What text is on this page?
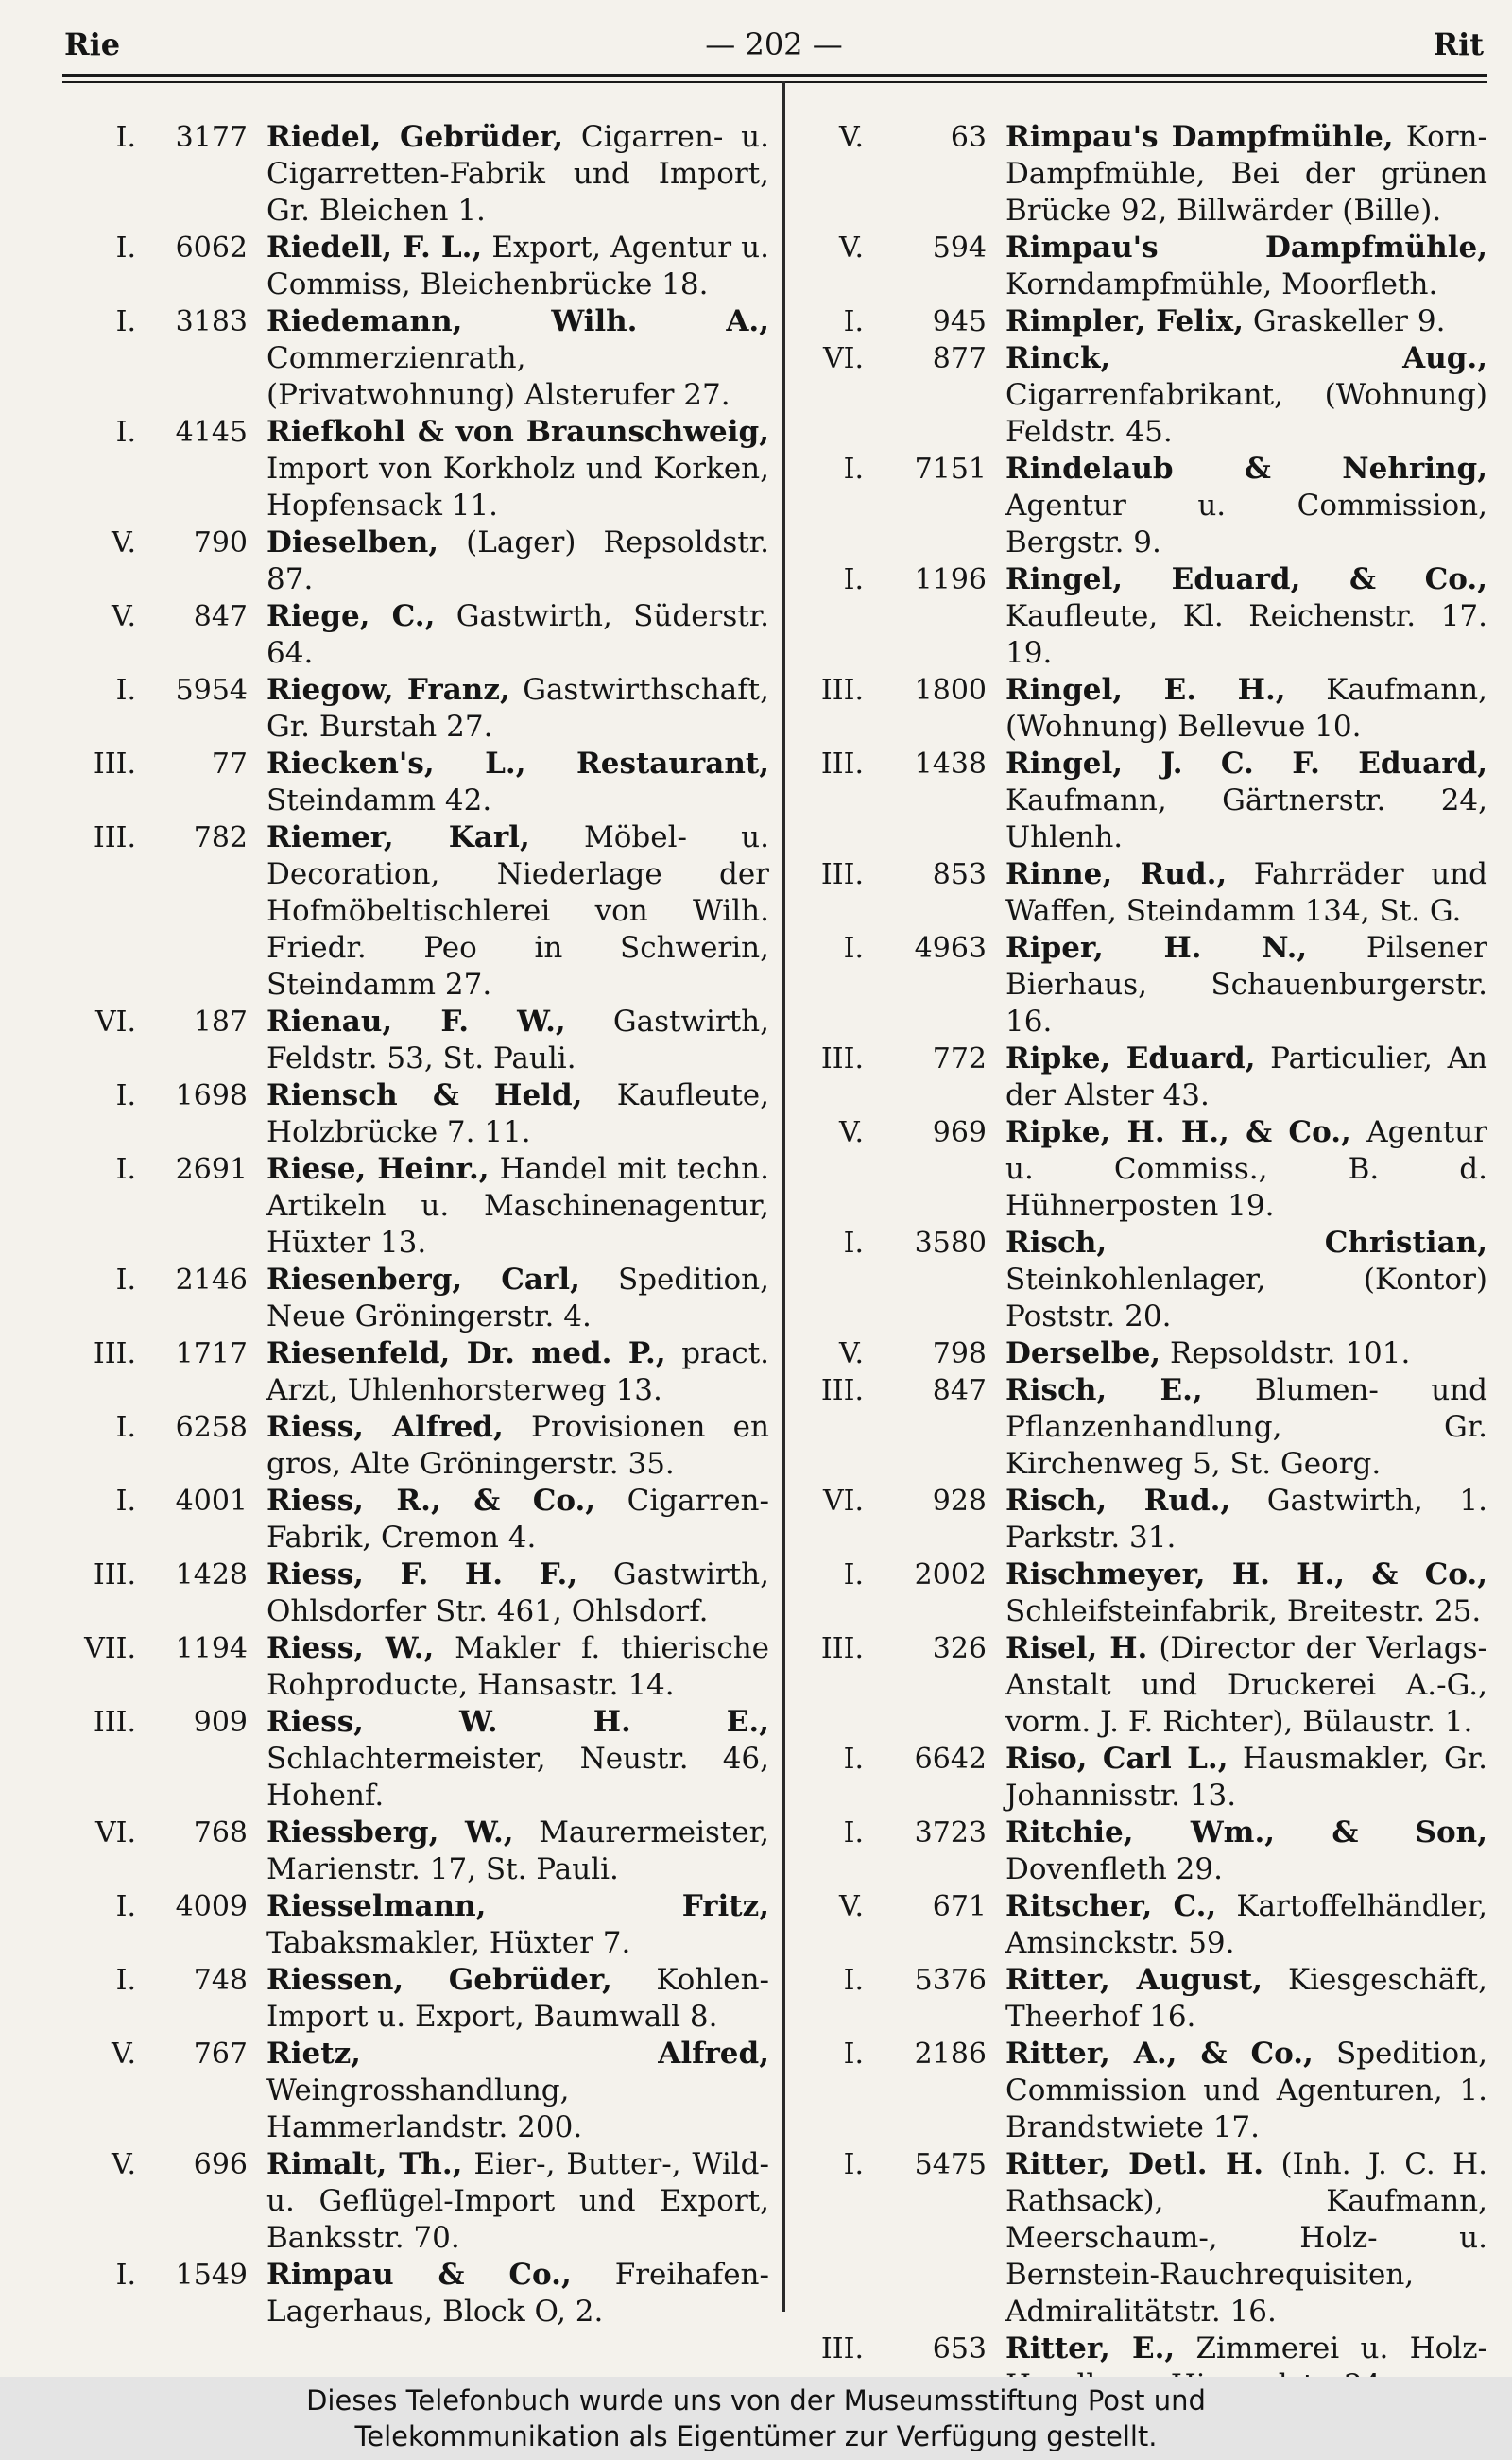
Rie	— 202 —	Rit
I.	3177 Riedel, Gebrüder, Cigarren- u. Cigarretten-Fabrik und Import, Gr. Bleichen 1.
I.	6062 Riedell, F. L., Export, Agentur u. Commiss, Bleichenbrücke 18.
I.	3183 Riedemann, Wilh. A., Commerzienrath, (Privatwohnung) Alsterufer 27.
I.	4145 Riefkohl & von Braunschweig, Import von Korkholz und Korken, Hopfensack 11.
V.	790 Dieselben, (Lager) Repsoldstr. 87.
V.	847 Riege, C., Gastwirth, Süderstr. 64.
I.	5954 Riegow, Franz, Gastwirthschaft, Gr. Burstah 27.
III.	77 Riecken's, L., Restaurant, Steindamm 42.
III.	782 Riemer, Karl, Möbel- u. Decoration, Niederlage der Hofmöbeltischlerei von Wilh. Friedr. Peo in Schwerin, Steindamm 27.
VI.	187 Rienau, F. W., Gastwirth, Feldstr. 53, St. Pauli.
I.	1698 Riensch & Held, Kaufleute, Holzbrücke 7. 11.
I.	2691 Riese, Heinr., Handel mit techn. Artikeln u. Maschinenagentur, Hüxter 13.
I.	2146 Riesenberg, Carl, Spedition, Neue Gröningerstr. 4.
III.	1717 Riesenfeld, Dr. med. P., pract. Arzt, Uhlenhorsterweg 13.
I.	6258 Riess, Alfred, Provisionen en gros, Alte Gröningerstr. 35.
I.	4001 Riess, R., & Co., Cigarren-Fabrik, Cremon 4.
III.	1428 Riess, F. H. F., Gastwirth, Ohlsdorfer Str. 461, Ohlsdorf.
VII.	1194 Riess, W., Makler f. thierische Rohproducte, Hansastr. 14.
III.	909 Riess, W. H. E., Schlachtermeister, Neustr. 46, Hohenf.
VI.	768 Riessberg, W., Maurermeister, Marienstr. 17, St. Pauli.
I.	4009 Riesselmann, Fritz, Tabaksmakler, Hüxter 7.
I.	748 Riessen, Gebrüder, Kohlen-Import u. Export, Baumwall 8.
V.	767 Rietz, Alfred, Weingrosshandlung, Hammerlandstr. 200.
V.	696 Rimalt, Th., Eier-, Butter-, Wild- u. Geflügel-Import und Export, Banksstr. 70.
I.	1549 Rimpau & Co., Freihafen-Lagerhaus, Block O, 2.
V.	63 Rimpau's Dampfmühle, Korn-Dampfmühle, Bei der grünen Brücke 92, Billwärder (Bille).
V.	594 Rimpau's Dampfmühle, Korndampfmühle, Moorfleth.
I.	945 Rimpler, Felix, Graskeller 9.
VI.	877 Rinck, Aug., Cigarrenfabrikant, (Wohnung) Feldstr. 45.
I.	7151 Rindelaub & Nehring, Agentur u. Commission, Bergstr. 9.
I.	1196 Ringel, Eduard, & Co., Kaufleute, Kl. Reichenstr. 17. 19.
III.	1800 Ringel, E. H., Kaufmann, (Wohnung) Bellevue 10.
III.	1438 Ringel, J. C. F. Eduard, Kaufmann, Gärtnerstr. 24, Uhlenh.
III.	853 Rinne, Rud., Fahrräder und Waffen, Steindamm 134, St. G.
I.	4963 Riper, H. N., Pilsener Bierhaus, Schauenburgerstr. 16.
III.	772 Ripke, Eduard, Particulier, An der Alster 43.
V.	969 Ripke, H. H., & Co., Agentur u. Commiss., B. d. Hühnerposten 19.
I.	3580 Risch, Christian, Steinkohlenlager, (Kontor) Poststr. 20.
V.	798 Derselbe, Repsoldstr. 101.
III.	847 Risch, E., Blumen- und Pflanzenhandlung, Gr. Kirchenweg 5, St. Georg.
VI.	928 Risch, Rud., Gastwirth, 1. Parkstr. 31.
I.	2002 Rischmeyer, H. H., & Co., Schleifsteinfabrik, Breitestr. 25.
III.	326 Risel, H. (Director der Verlags-Anstalt und Druckerei A.-G., vorm. J. F. Richter), Bülaustr. 1.
I.	6642 Riso, Carl L., Hausmakler, Gr. Johannisstr. 13.
I.	3723 Ritchie, Wm., & Son, Dovenfleth 29.
V.	671 Ritscher, C., Kartoffelhändler, Amsinckstr. 59.
I.	5376 Ritter, August, Kiesgeschäft, Theerhof 16.
I.	2186 Ritter, A., & Co., Spedition, Commission und Agenturen, 1. Brandstwiete 17.
I.	5475 Ritter, Detl. H. (Inh. J. C. H. Rathsack), Kaufmann, Meerschaum-, Holz- u. Bernstein-Rauchrequisiten, Admiralitätstr. 16.
III.	653 Ritter, E., Zimmerei u. Holz-
Dieses Telefonbuch wurde uns von der Museumsstiftung Post und
Telekommunikation als Eigentümer zur Verfügung gestellt.
